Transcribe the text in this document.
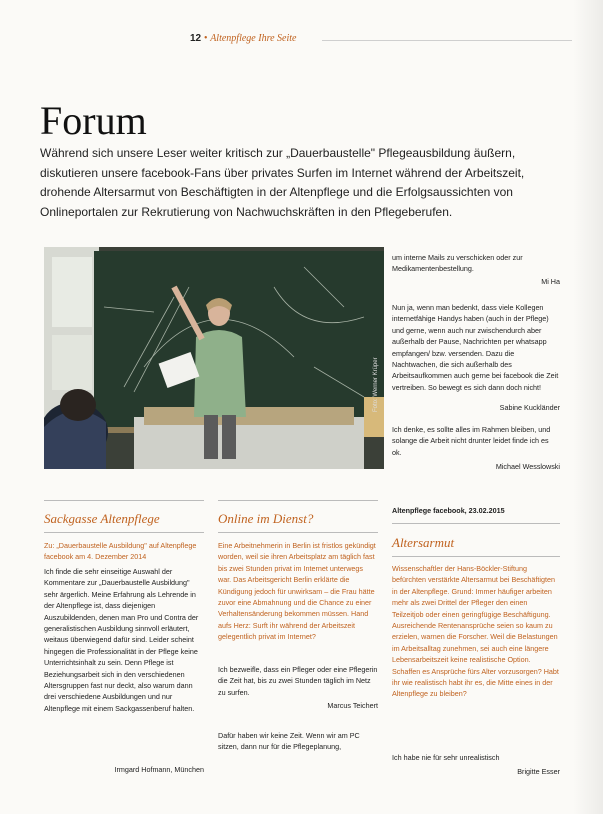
12 • Altenpflege Ihre Seite
Forum
Während sich unsere Leser weiter kritisch zur „Dauerbaustelle" Pflegeausbildung äußern, diskutieren unsere facebook-Fans über privates Surfen im Internet während der Arbeitszeit, drohende Altersarmut von Beschäftigten in der Altenpflege und die Erfolgsaussichten von Onlineportalen zur Rekrutierung von Nachwuchskräften in den Pflegeberufen.
Foto: Werner Krüper
um interne Mails zu verschicken oder zur Medikamentenbestellung.
Mi Ha
Nun ja, wenn man bedenkt, dass viele Kollegen internetfähige Handys haben (auch in der Pflege) und gerne, wenn auch nur zwischendurch aber außerhalb der Pause, Nachrichten per whatsapp empfangen/ bzw. versenden. Dazu die Nachtwachen, die sich außerhalb des Arbeitsaufkommen auch gerne bei facebook die Zeit vertreiben. So bewegt es sich dann doch nicht!
Sabine Kuckländer
Ich denke, es sollte alles im Rahmen bleiben, und solange die Arbeit nicht drunter leidet finde ich es ok.
Michael Wesslowski
Sackgasse Altenpflege
Zu: „Dauerbaustelle Ausbildung" auf Altenpflege facebook am 4. Dezember 2014
Ich finde die sehr einseitige Auswahl der Kommentare zur „Dauerbaustelle Ausbildung" sehr ärgerlich. Meine Erfahrung als Lehrende in der Altenpflege ist, dass diejenigen Auszubildenden, denen man Pro und Contra der generalistischen Ausbildung sinnvoll erläutert, weitaus überwiegend dafür sind. Leider scheint hingegen die Professionalität in der Pflege keine Unterrichtsinhalt zu sein. Denn Pflege ist Beziehungsarbeit sich in den verschiedenen Altersgruppen fast nur deckt, also warum dann drei verschiedene Ausbildungen und nur Altenpflege mit einem Sackgassenberuf halten.
Irmgard Hofmann, München
Online im Dienst?
Eine Arbeitnehmerin in Berlin ist fristlos gekündigt worden, weil sie ihren Arbeitsplatz am täglich fast bis zwei Stunden privat im Internet unterwegs war. Das Arbeitsgericht Berlin erklärte die Kündigung jedoch für unwirksam – die Frau hätte zuvor eine Abmahnung und die Chance zu einer Verhaltensänderung bekommen müssen. Hand aufs Herz: Surft ihr während der Arbeitszeit gelegentlich privat im Internet?
Ich bezweifle, dass ein Pfleger oder eine Pflegerin die Zeit hat, bis zu zwei Stunden täglich im Netz zu surfen.
Marcus Teichert
Dafür haben wir keine Zeit. Wenn wir am PC sitzen, dann nur für die Pflegeplanung,
Altenpflege facebook, 23.02.2015
Altersarmut
Wissenschaftler der Hans-Böckler-Stiftung befürchten verstärkte Altersarmut bei Beschäftigten in der Altenpflege. Grund: Immer häufiger arbeiten mehr als zwei Drittel der Pfleger den einen Teilzeitjob oder einen geringfügige Beschäftigung. Ausreichende Rentenansprüche seien so kaum zu erzielen, warnen die Forscher. Weil die Belastungen im Arbeitsalltag zunehmen, sei auch eine längere Lebensarbeitszeit keine realistische Option. Schaffen es Ansprüche fürs Alter vorzusorgen? Habt ihr wie realistisch habt ihr es, die Mitte eines in der Altenpflege zu bleiben?
Ich habe nie für sehr unrealistisch
Brigitte Esser
